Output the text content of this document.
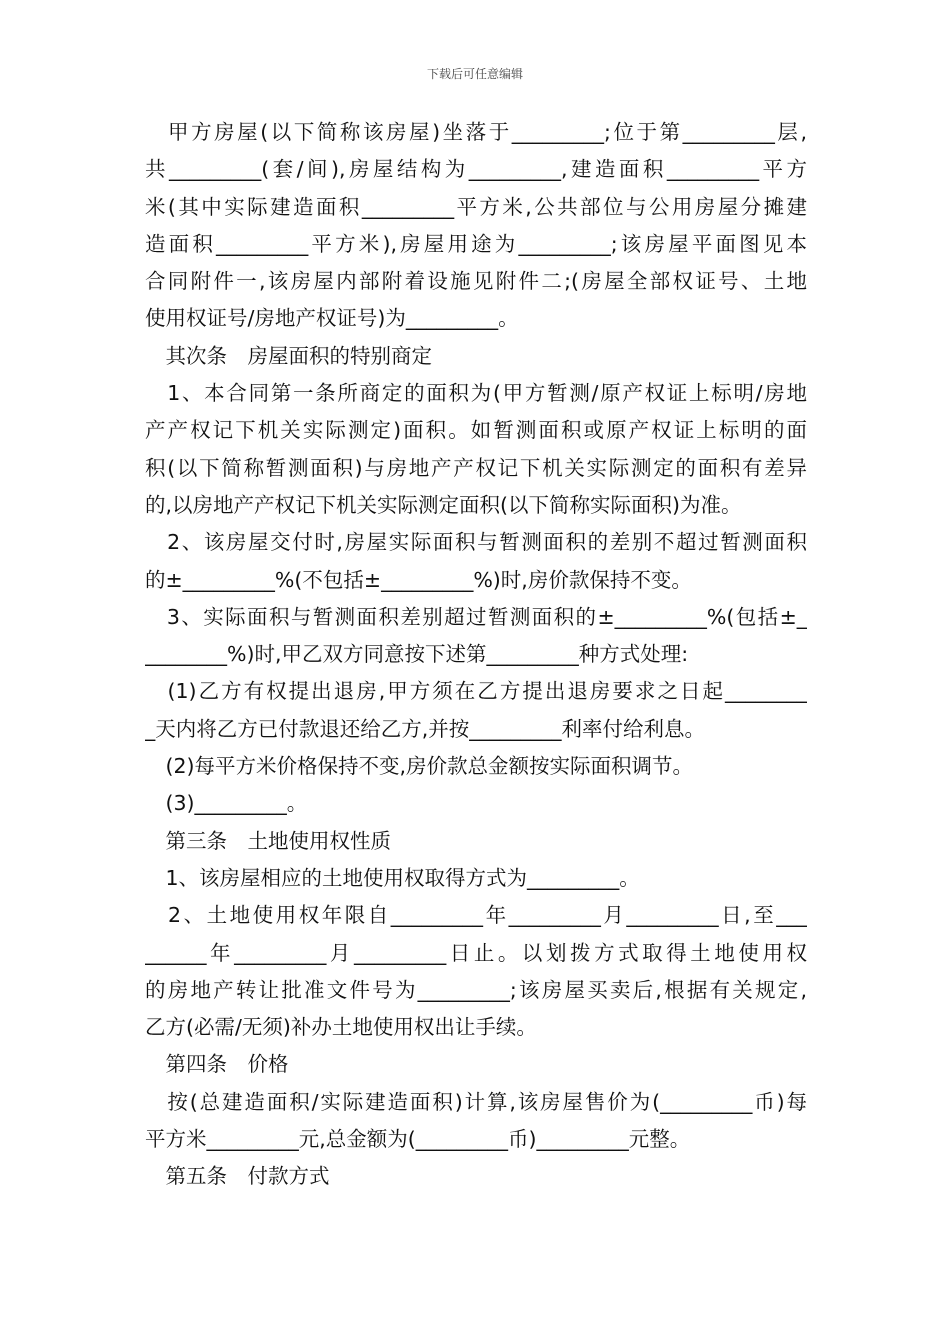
下载后可任意编辑
　甲方房屋(以下简称该房屋)坐落于_________;位于第_________层,
共_________(套/间),房屋结构为_________,建造面积_________平方
米(其中实际建造面积_________平方米,公共部位与公用房屋分摊建
造面积_________平方米),房屋用途为_________;该房屋平面图见本
合同附件一,该房屋内部附着设施见附件二;(房屋全部权证号、土地
使用权证号/房地产权证号)为_________。
　其次条　房屋面积的特别商定
　1、本合同第一条所商定的面积为(甲方暂测/原产权证上标明/房地
产产权记下机关实际测定)面积。如暂测面积或原产权证上标明的面
积(以下简称暂测面积)与房地产产权记下机关实际测定的面积有差异
的,以房地产产权记下机关实际测定面积(以下简称实际面积)为准。
　2、该房屋交付时,房屋实际面积与暂测面积的差别不超过暂测面积
的±_________%(不包括±_________%)时,房价款保持不变。
　3、实际面积与暂测面积差别超过暂测面积的±_________%(包括±_
________%)时,甲乙双方同意按下述第_________种方式处理:
　(1)乙方有权提出退房,甲方须在乙方提出退房要求之日起________
_天内将乙方已付款退还给乙方,并按_________利率付给利息。
　(2)每平方米价格保持不变,房价款总金额按实际面积调节。
　(3)_________。
　第三条　土地使用权性质
　1、该房屋相应的土地使用权取得方式为_________。
　2、土地使用权年限自_________年_________月_________日,至___
______年_________月_________日止。以划拨方式取得土地使用权
的房地产转让批准文件号为_________;该房屋买卖后,根据有关规定,
乙方(必需/无须)补办土地使用权出让手续。
　第四条　价格
　按(总建造面积/实际建造面积)计算,该房屋售价为(_________币)每
平方米_________元,总金额为(_________币)_________元整。
　第五条　付款方式
